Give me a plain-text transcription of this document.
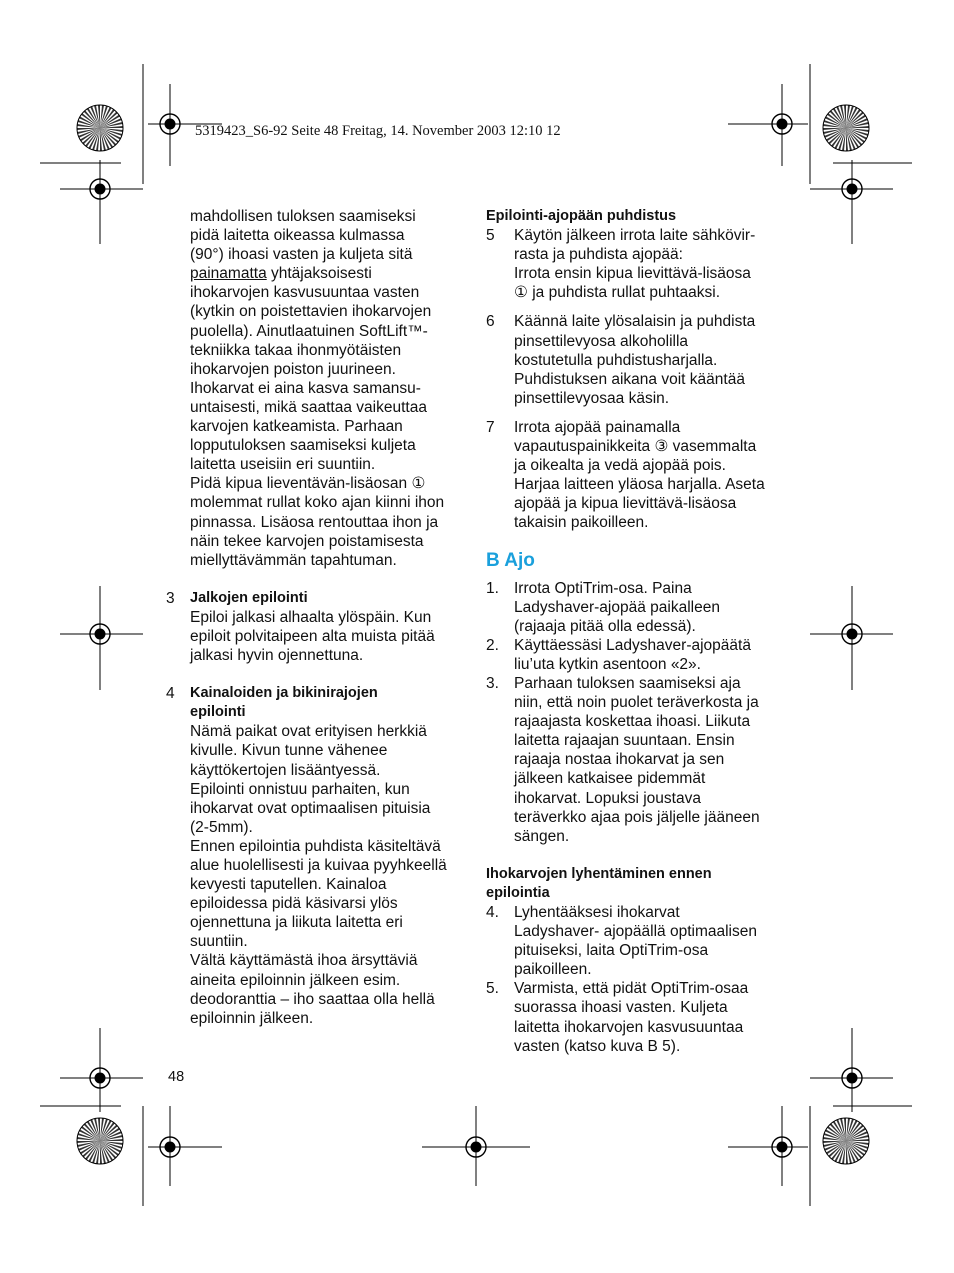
5319423_S6-92 Seite 48 Freitag, 14. November 2003 12:10 12

mahdollisen tuloksen saamiseksi

pidä laitetta oikeassa kulmassa

(90°) ihoasi vasten ja kuljeta sitä

painamatta yhtäjaksoisesti

ihokarvojen kasvusuuntaa vasten

(kytkin on poistettavien ihokarvojen

puolella). Ainutlaatuinen SoftLift™-

tekniikka takaa ihonmyötäisten

ihokarvojen poiston juurineen.

Ihokarvat ei aina kasva samansu-

untaisesti, mikä saattaa vaikeuttaa

karvojen katkeamista. Parhaan

lopputuloksen saamiseksi kuljeta

laitetta useisiin eri suuntiin.

Pidä kipua lieventävän-lisäosan ①

molemmat rullat koko ajan kiinni ihon

pinnassa. Lisäosa rentouttaa ihon ja

näin tekee karvojen poistamisesta

miellyttävämmän tapahtuman.

3 Jalkojen epilointi

Epiloi jalkasi alhaalta ylöspäin. Kun

epiloit polvitaipeen alta muista pitää

jalkasi hyvin ojennettuna.

4 Kainaloiden ja bikinirajojen

epilointi

Nämä paikat ovat erityisen herkkiä

kivulle. Kivun tunne vähenee

käyttökertojen lisääntyessä.

Epilointi onnistuu parhaiten, kun

ihokarvat ovat optimaalisen pituisia

(2-5mm).

Ennen epilointia puhdista käsiteltävä

alue huolellisesti ja kuivaa pyyhkeellä

kevyesti taputellen. Kainaloa

epiloidessa pidä käsivarsi ylös

ojennettuna ja liikuta laitetta eri

suuntiin.

Vältä käyttämästä ihoa ärsyttäviä

aineita epiloinnin jälkeen esim.

deodoranttia – iho saattaa olla hellä

epiloinnin jälkeen.

Epilointi-ajopään puhdistus

5 Käytön jälkeen irrota laite sähkövir-

rasta ja puhdista ajopää:

Irrota ensin kipua lievittävä-lisäosa

① ja puhdista rullat puhtaaksi.

6 Käännä laite ylösalaisin ja puhdista

pinsettilevyosa alkoholilla

kostutetulla puhdistusharjalla.

Puhdistuksen aikana voit kääntää

pinsettilevyosaa käsin.

7 Irrota ajopää painamalla

vapautuspainikkeita ③ vasemmalta

ja oikealta ja vedä ajopää pois.

Harjaa laitteen yläosa harjalla. Aseta

ajopää ja kipua lievittävä-lisäosa

takaisin paikoilleen.

B Ajo
1. Irrota OptiTrim-osa. Paina

Ladyshaver-ajopää paikalleen

(rajaaja pitää olla edessä).

2. Käyttäessäsi Ladyshaver-ajopäätä

liu’uta kytkin asentoon «2».

3. Parhaan tuloksen saamiseksi aja

niin, että noin puolet teräverkosta ja

rajaajasta koskettaa ihoasi. Liikuta

laitetta rajaajan suuntaan. Ensin

rajaaja nostaa ihokarvat ja sen

jälkeen katkaisee pidemmät

ihokarvat. Lopuksi joustava

teräverkko ajaa pois jäljelle jääneen

sängen.

Ihokarvojen lyhentäminen ennen

epilointia

4. Lyhentääksesi ihokarvat

Ladyshaver- ajopäällä optimaalisen

pituiseksi, laita OptiTrim-osa

paikoilleen.

5. Varmista, että pidät OptiTrim-osaa

suorassa ihoasi vasten. Kuljeta

laitetta ihokarvojen kasvusuuntaa

vasten (katso kuva B 5).

48
